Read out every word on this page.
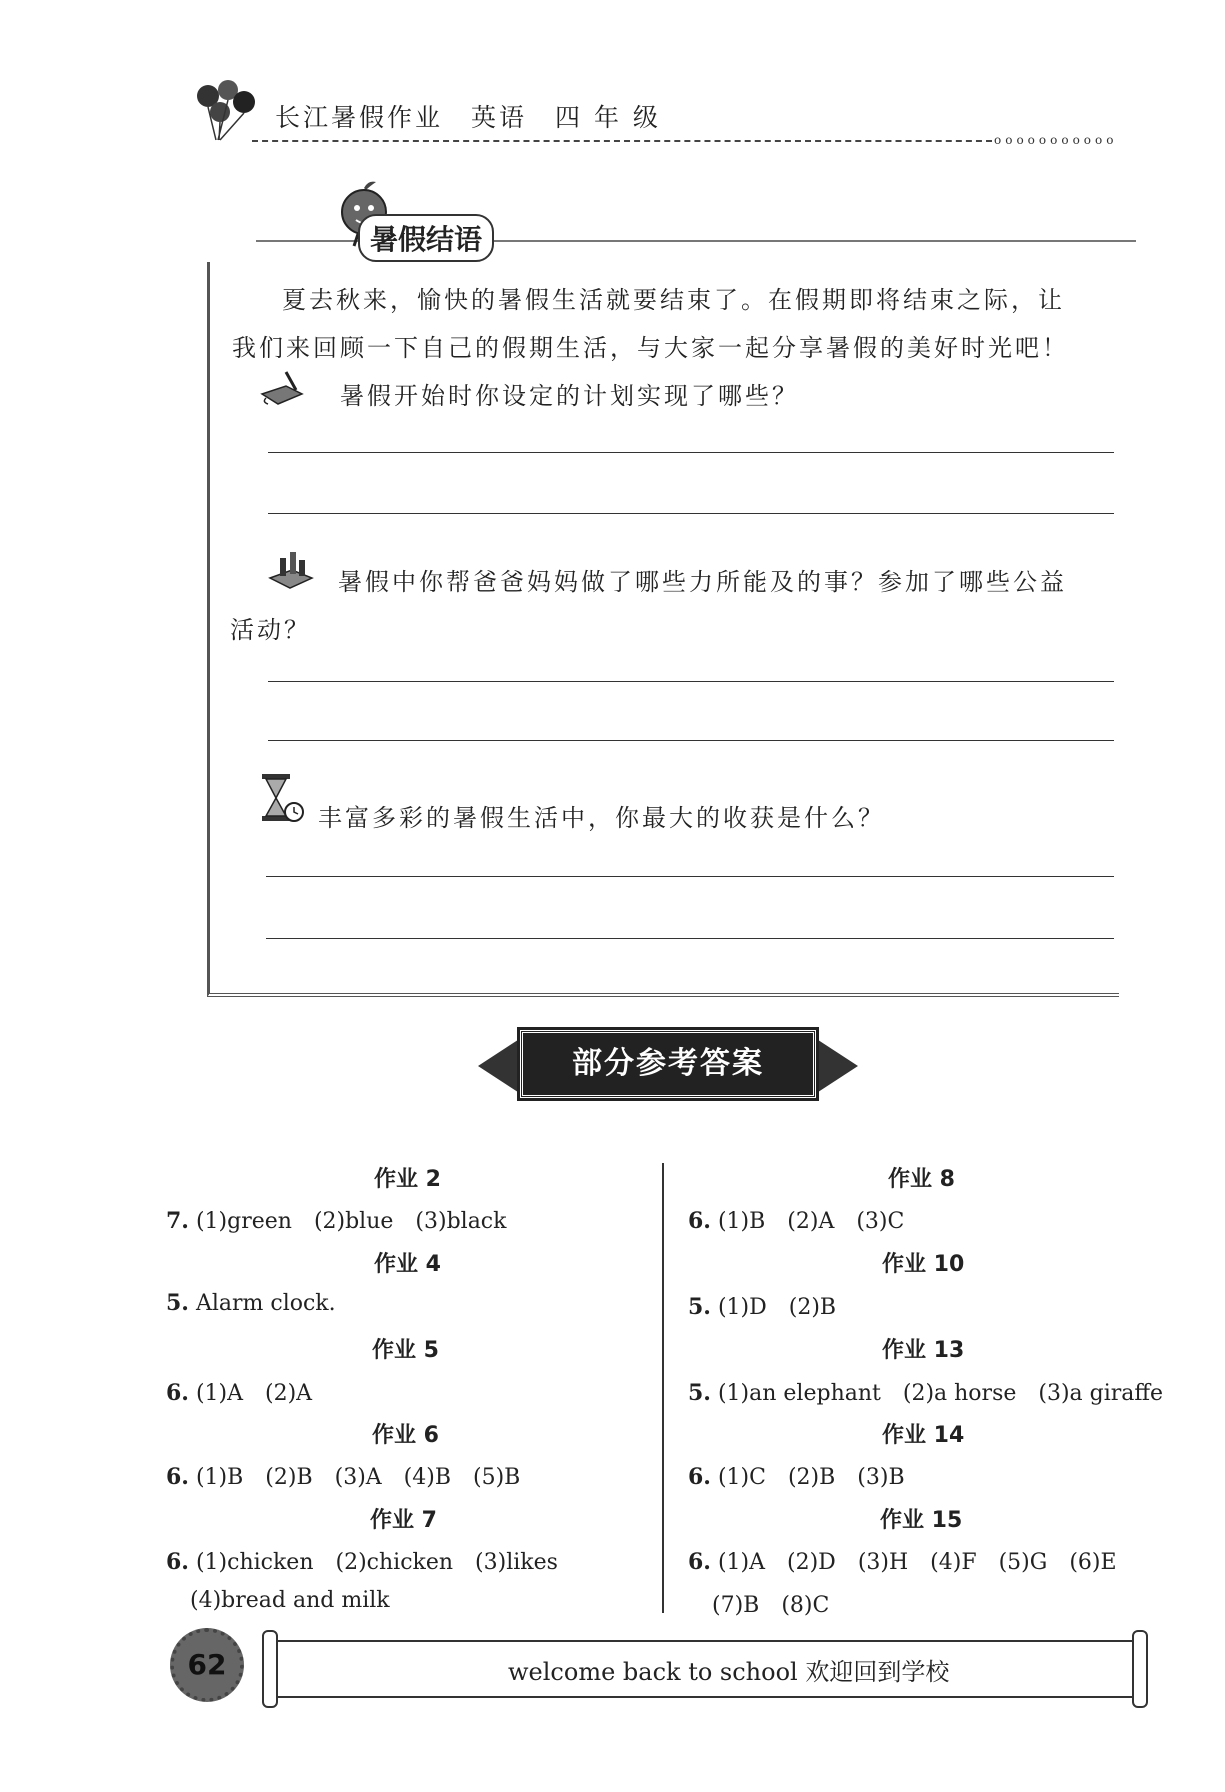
长江暑假作业　英语　四 年 级
ooooooooooo
暑假结语
夏去秋来，愉快的暑假生活就要结束了。在假期即将结束之际，让
我们来回顾一下自己的假期生活，与大家一起分享暑假的美好时光吧！
暑假开始时你设定的计划实现了哪些？
暑假中你帮爸爸妈妈做了哪些力所能及的事？参加了哪些公益
活动？
丰富多彩的暑假生活中，你最大的收获是什么？
部分参考答案
作业 2
7. (1)green　(2)blue　(3)black
作业 4
5. Alarm clock.
作业 5
6. (1)A　(2)A
作业 6
6. (1)B　(2)B　(3)A　(4)B　(5)B
作业 7
6. (1)chicken　(2)chicken　(3)likes
(4)bread and milk
作业 8
6. (1)B　(2)A　(3)C
作业 10
5. (1)D　(2)B
作业 13
5. (1)an elephant　(2)a horse　(3)a giraffe
作业 14
6. (1)C　(2)B　(3)B
作业 15
6. (1)A　(2)D　(3)H　(4)F　(5)G　(6)E
(7)B　(8)C
62	welcome back to school 欢迎回到学校
